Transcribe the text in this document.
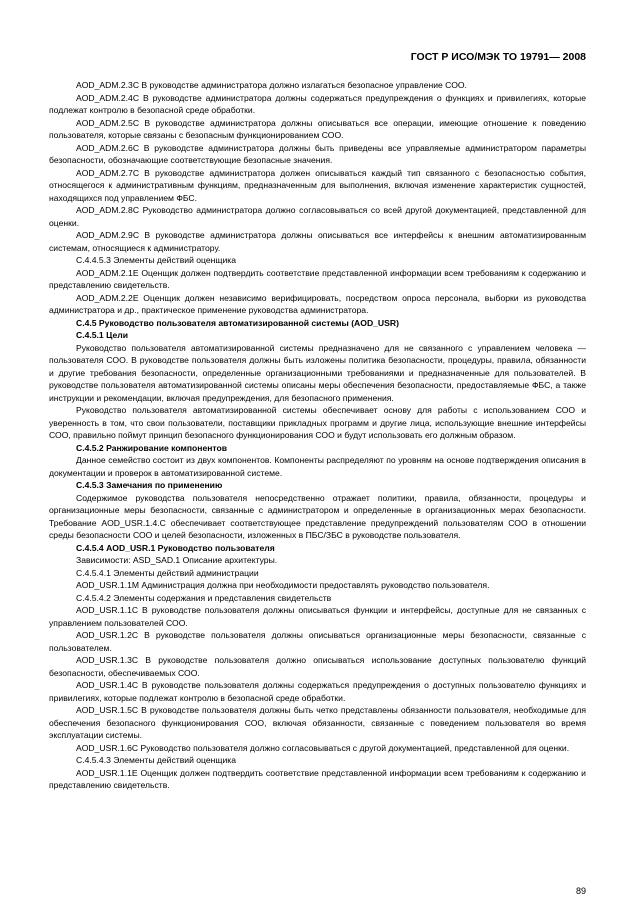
ГОСТ Р ИСО/МЭК ТО 19791— 2008

AOD_ADM.2.3C В руководстве администратора должно излагаться безопасное управление СОО.

AOD_ADM.2.4C В руководстве администратора должны содержаться предупреждения о функциях и привилегиях, которые подлежат контролю в безопасной среде обработки.

AOD_ADM.2.5C В руководстве администратора должны описываться все операции, имеющие отношение к поведению пользователя, которые связаны с безопасным функционированием СОО.

AOD_ADM.2.6C В руководстве администратора должны быть приведены все управляемые администратором параметры безопасности, обозначающие соответствующие безопасные значения.

AOD_ADM.2.7C В руководстве администратора должен описываться каждый тип связанного с безопасностью события, относящегося к административным функциям, предназначенным для выполнения, включая изменение характеристик сущностей, находящихся под управлением ФБС.

AOD_ADM.2.8C Руководство администратора должно согласовываться со всей другой документацией, представленной для оценки.

AOD_ADM.2.9C В руководстве администратора должны описываться все интерфейсы к внешним автоматизированным системам, относящиеся к администратору.

С.4.4.5.3 Элементы действий оценщика

AOD_ADM.2.1E Оценщик должен подтвердить соответствие представленной информации всем требованиям к содержанию и представлению свидетельств.

AOD_ADM.2.2E Оценщик должен независимо верифицировать, посредством опроса персонала, выборки из руководства администратора и др., практическое применение руководства администратора.

С.4.5 Руководство пользователя автоматизированной системы (AOD_USR)

С.4.5.1 Цели

Руководство пользователя автоматизированной системы предназначено для не связанного с управлением человека — пользователя СОО. В руководстве пользователя должны быть изложены политика безопасности, процедуры, правила, обязанности и другие требования безопасности, определенные организационными требованиями и предназначенные для пользователей. В руководстве пользователя автоматизированной системы описаны меры обеспечения безопасности, предоставляемые ФБС, а также инструкции и рекомендации, включая предупреждения, для безопасного применения.

Руководство пользователя автоматизированной системы обеспечивает основу для работы с использованием СОО и уверенность в том, что свои пользователи, поставщики прикладных программ и другие лица, использующие внешние интерфейсы СОО, правильно поймут принцип безопасного функционирования СОО и будут использовать его должным образом.

С.4.5.2 Ранжирование компонентов

Данное семейство состоит из двух компонентов. Компоненты распределяют по уровням на основе подтверждения описания в документации и проверок в автоматизированной системе.

С.4.5.3 Замечания по применению

Содержимое руководства пользователя непосредственно отражает политики, правила, обязанности, процедуры и организационные меры безопасности, связанные с администратором и определенные в организационных мерах безопасности. Требование AOD_USR.1.4.C обеспечивает соответствующее представление предупреждений пользователям СОО в отношении среды безопасности СОО и целей безопасности, изложенных в ПБС/ЗБС в руководстве пользователя.

С.4.5.4 AOD_USR.1 Руководство пользователя

Зависимости: ASD_SAD.1 Описание архитектуры.

С.4.5.4.1 Элементы действий администрации

AOD_USR.1.1M Администрация должна при необходимости предоставлять руководство пользователя.

С.4.5.4.2 Элементы содержания и представления свидетельств

AOD_USR.1.1C В руководстве пользователя должны описываться функции и интерфейсы, доступные для не связанных с управлением пользователей СОО.

AOD_USR.1.2C В руководстве пользователя должны описываться организационные меры безопасности, связанные с пользователем.

AOD_USR.1.3C В руководстве пользователя должно описываться использование доступных пользователю функций безопасности, обеспечиваемых СОО.

AOD_USR.1.4C В руководстве пользователя должны содержаться предупреждения о доступных пользователю функциях и привилегиях, которые подлежат контролю в безопасной среде обработки.

AOD_USR.1.5C В руководстве пользователя должны быть четко представлены обязанности пользователя, необходимые для обеспечения безопасного функционирования СОО, включая обязанности, связанные с поведением пользователя во время эксплуатации системы.

AOD_USR.1.6C Руководство пользователя должно согласовываться с другой документацией, представленной для оценки.

С.4.5.4.3 Элементы действий оценщика

AOD_USR.1.1E Оценщик должен подтвердить соответствие представленной информации всем требованиям к содержанию и представлению свидетельств.

89
